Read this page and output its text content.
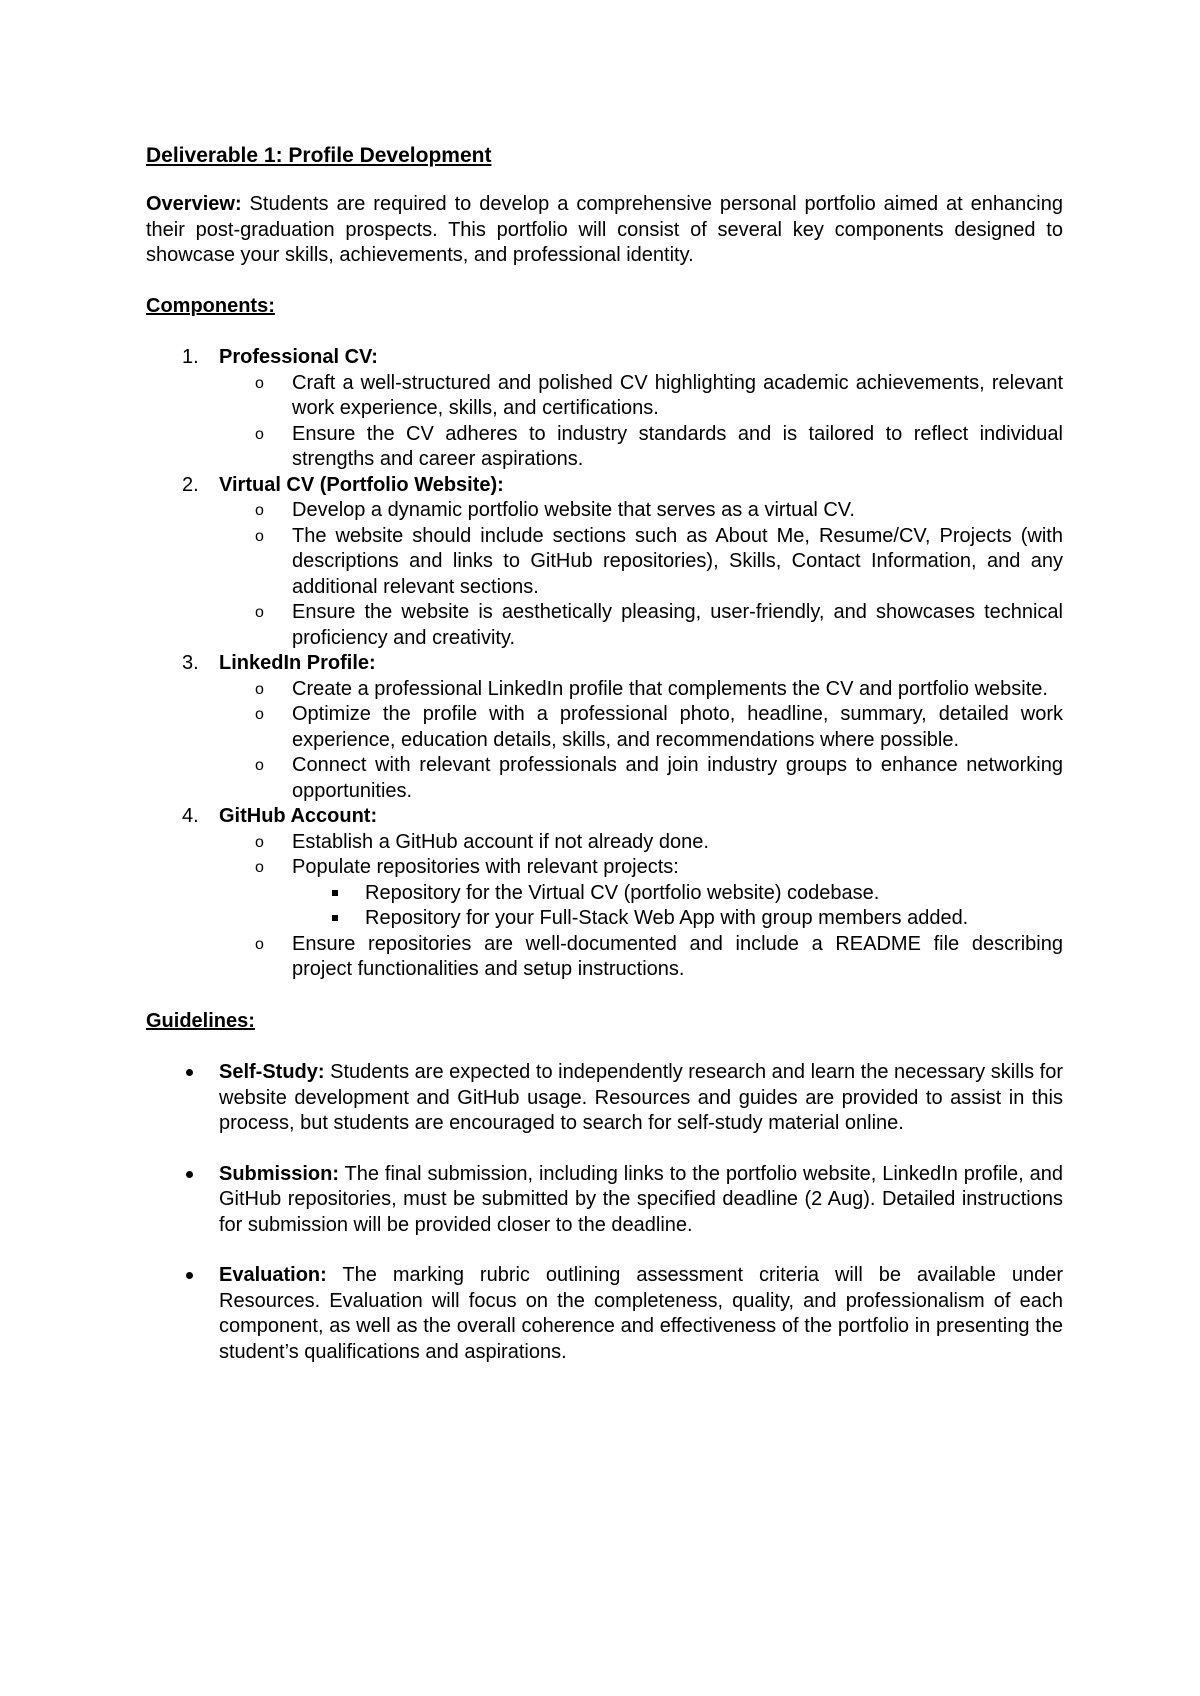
Deliverable 1: Profile Development
Overview: Students are required to develop a comprehensive personal portfolio aimed at enhancing their post-graduation prospects. This portfolio will consist of several key components designed to showcase your skills, achievements, and professional identity.
Components:
1. Professional CV:
o Craft a well-structured and polished CV highlighting academic achievements, relevant work experience, skills, and certifications.
o Ensure the CV adheres to industry standards and is tailored to reflect individual strengths and career aspirations.
2. Virtual CV (Portfolio Website):
o Develop a dynamic portfolio website that serves as a virtual CV.
o The website should include sections such as About Me, Resume/CV, Projects (with descriptions and links to GitHub repositories), Skills, Contact Information, and any additional relevant sections.
o Ensure the website is aesthetically pleasing, user-friendly, and showcases technical proficiency and creativity.
3. LinkedIn Profile:
o Create a professional LinkedIn profile that complements the CV and portfolio website.
o Optimize the profile with a professional photo, headline, summary, detailed work experience, education details, skills, and recommendations where possible.
o Connect with relevant professionals and join industry groups to enhance networking opportunities.
4. GitHub Account:
o Establish a GitHub account if not already done.
o Populate repositories with relevant projects:
Repository for the Virtual CV (portfolio website) codebase.
Repository for your Full-Stack Web App with group members added.
o Ensure repositories are well-documented and include a README file describing project functionalities and setup instructions.
Guidelines:
Self-Study: Students are expected to independently research and learn the necessary skills for website development and GitHub usage. Resources and guides are provided to assist in this process, but students are encouraged to search for self-study material online.
Submission: The final submission, including links to the portfolio website, LinkedIn profile, and GitHub repositories, must be submitted by the specified deadline (2 Aug). Detailed instructions for submission will be provided closer to the deadline.
Evaluation: The marking rubric outlining assessment criteria will be available under Resources. Evaluation will focus on the completeness, quality, and professionalism of each component, as well as the overall coherence and effectiveness of the portfolio in presenting the student’s qualifications and aspirations.
